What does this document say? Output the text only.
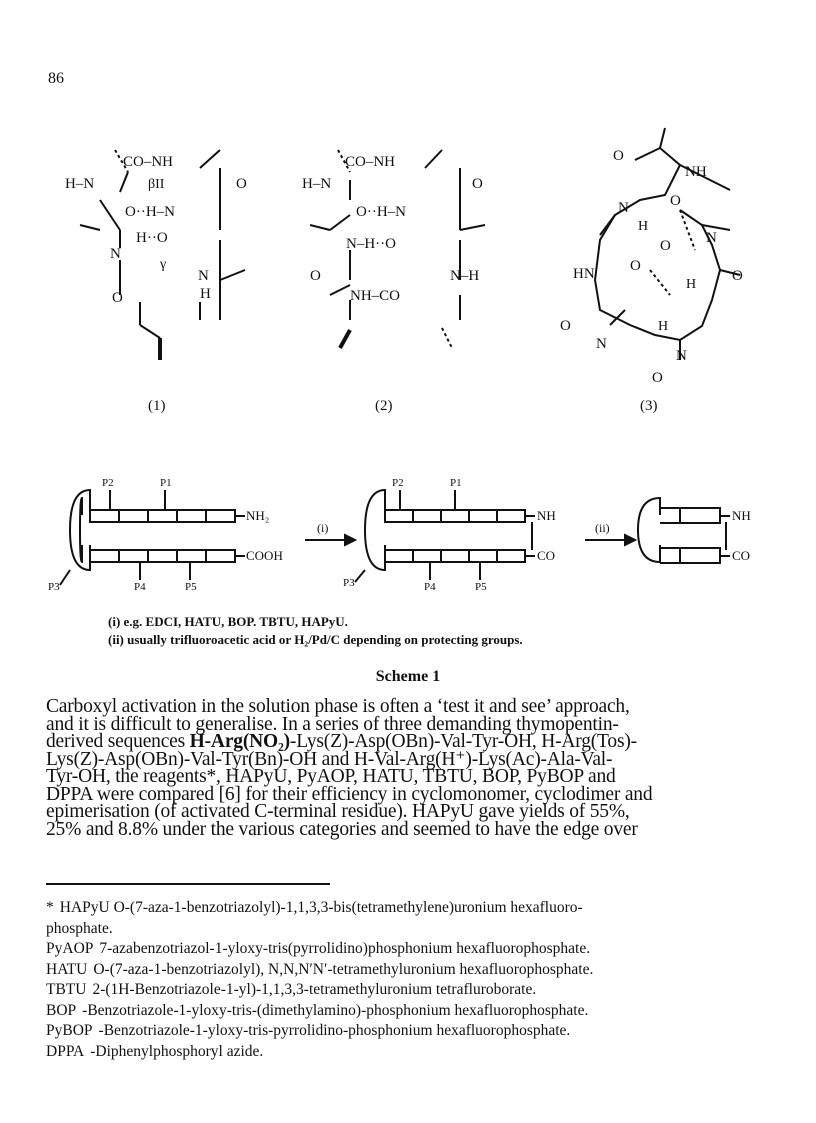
86
CO–NH
H–N	βII	O
O··H–N
H··O
N
γ
N
H
O
(1)
CO–NH
H–N	O
O··H–N
N–H··O
O	N–H
NH–CO
(2)
O
NH
O
N
H
N
O
HN O
H
O
O	H
N
N
O
(3)
P2	P1
NH₂
COOH
P3	P4	P5
(i)
P2	P1
NH
CO
P3	P4	P5
(ii)
NH
CO
(i) e.g. EDCI, HATU, BOP. TBTU, HAPyU.
(ii) usually trifluoroacetic acid or H₂/Pd/C depending on protecting groups.
Scheme 1
Carboxyl activation in the solution phase is often a ‘test it and see’ approach,
and it is difficult to generalise. In a series of three demanding thymopentin-
derived sequences H-Arg(NO₂)-Lys(Z)-Asp(OBn)-Val-Tyr-OH, H-Arg(Tos)-
Lys(Z)-Asp(OBn)-Val-Tyr(Bn)-OH and H-Val-Arg(H⁺)-Lys(Ac)-Ala-Val-
Tyr-OH, the reagents*, HAPyU, PyAOP, HATU, TBTU, BOP, PyBOP and
DPPA were compared [6] for their efficiency in cyclomonomer, cyclodimer and
epimerisation (of activated C-terminal residue). HAPyU gave yields of 55%,
25% and 8.8% under the various categories and seemed to have the edge over
* HAPyU O-(7-aza-1-benzotriazolyl)-1,1,3,3-bis(tetramethylene)uronium hexafluoro-
phosphate.
PyAOP 7-azabenzotriazol-1-yloxy-tris(pyrrolidino)phosphonium hexafluorophosphate.
HATU O-(7-aza-1-benzotriazolyl), N,N,N′N′-tetramethyluronium hexafluorophosphate.
TBTU 2-(1H-Benzotriazole-1-yl)-1,1,3,3-tetramethyluronium tetrafluroborate.
BOP -Benzotriazole-1-yloxy-tris-(dimethylamino)-phosphonium hexafluorophosphate.
PyBOP -Benzotriazole-1-yloxy-tris-pyrrolidino-phosphonium hexafluorophosphate.
DPPA -Diphenylphosphoryl azide.
